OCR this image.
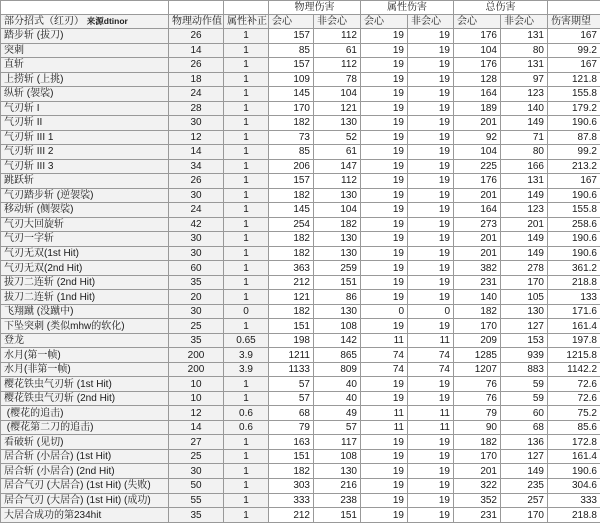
			物理伤害		属性伤害		总伤害		
部分招式（红刃） 来源dtinor	物理动作值	属性补正	会心	非会心	会心	非会心	会心	非会心	伤害期望
踏步斩 (拔刀)	26	1	157	112	19	19	176	131	167
突刺	14	1	85	61	19	19	104	80	99.2
直斩	26	1	157	112	19	19	176	131	167
上捞斩 (上挑)	18	1	109	78	19	19	128	97	121.8
纵斩 (袈裟)	24	1	145	104	19	19	164	123	155.8
气刃斩 I	28	1	170	121	19	19	189	140	179.2
气刃斩 II	30	1	182	130	19	19	201	149	190.6
气刃斩 III 1	12	1	73	52	19	19	92	71	87.8
气刃斩 III 2	14	1	85	61	19	19	104	80	99.2
气刃斩 III 3	34	1	206	147	19	19	225	166	213.2
跳跃斩	26	1	157	112	19	19	176	131	167
气刃踏步斩 (逆袈裟)	30	1	182	130	19	19	201	149	190.6
移动斩 (侧袈裟)	24	1	145	104	19	19	164	123	155.8
气刃大回旋斩	42	1	254	182	19	19	273	201	258.6
气刃一字斩	30	1	182	130	19	19	201	149	190.6
气刃无双(1st Hit)	30	1	182	130	19	19	201	149	190.6
气刃无双(2nd Hit)	60	1	363	259	19	19	382	278	361.2
拔刀二连斩 (2nd Hit)	35	1	212	151	19	19	231	170	218.8
拔刀二连斩 (1nd Hit)	20	1	121	86	19	19	140	105	133
飞翔蹴 (没蹴中)	30	0	182	130	0	0	182	130	171.6
下坠突刺 (类似mhw的软化)	25	1	151	108	19	19	170	127	161.4
登龙	35	0.65	198	142	11	11	209	153	197.8
水月(第一帧)	200	3.9	1211	865	74	74	1285	939	1215.8
水月(非第一帧)	200	3.9	1133	809	74	74	1207	883	1142.2
樱花铁虫气刃斩 (1st Hit)	10	1	57	40	19	19	76	59	72.6
樱花铁虫气刃斩 (2nd Hit)	10	1	57	40	19	19	76	59	72.6
(樱花的追击)	12	0.6	68	49	11	11	79	60	75.2
(樱花第二刀的追击)	14	0.6	79	57	11	11	90	68	85.6
看破斩 (见切)	27	1	163	117	19	19	182	136	172.8
居合斩 (小居合) (1st Hit)	25	1	151	108	19	19	170	127	161.4
居合斩 (小居合) (2nd Hit)	30	1	182	130	19	19	201	149	190.6
居合气刃 (大居合) (1st Hit) (失败)	50	1	303	216	19	19	322	235	304.6
居合气刃 (大居合) (1st Hit) (成功)	55	1	333	238	19	19	352	257	333
大居合成功的第234hit	35	1	212	151	19	19	231	170	218.8
